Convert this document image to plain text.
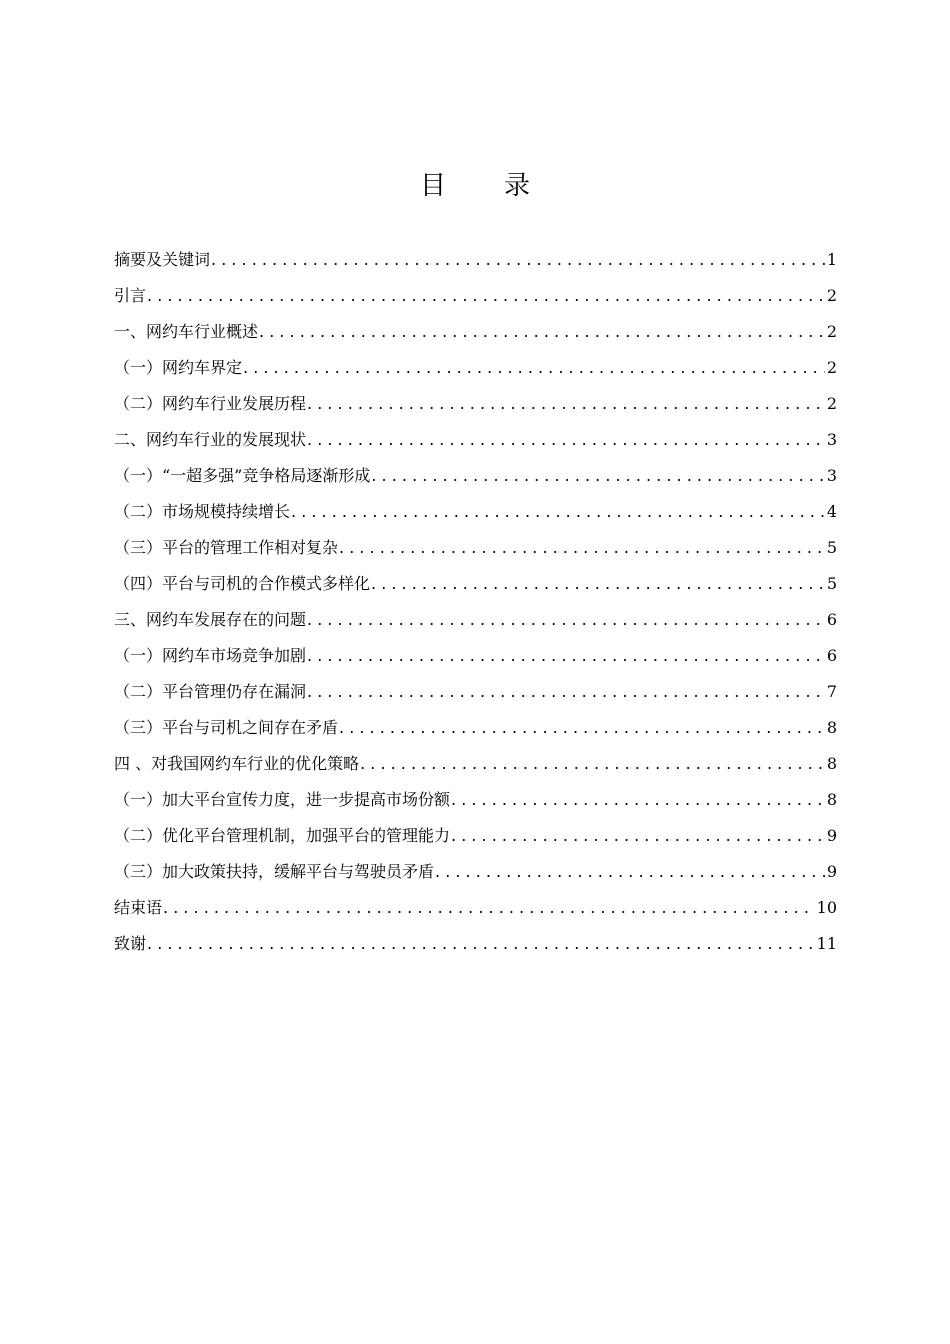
目 录
摘要及关键词 . . .	1
引言 . . .	2
一、网约车行业概述 . . .	2
（一）网约车界定 . . .	2
（二）网约车行业发展历程 . . .	2
二、网约车行业的发展现状 . . .	3
（一）“一超多强”竞争格局逐渐形成 . . .	3
（二）市场规模持续增长 . . .	4
（三）平台的管理工作相对复杂 . . .	5
（四）平台与司机的合作模式多样化 . . .	5
三、网约车发展存在的问题 . . .	6
（一）网约车市场竞争加剧 . . .	6
（二）平台管理仍存在漏洞 . . .	7
（三）平台与司机之间存在矛盾 . . .	8
四 、对我国网约车行业的优化策略 . . .	8
（一）加大平台宣传力度，进一步提高市场份额 . . .	8
（二）优化平台管理机制，加强平台的管理能力 . . .	9
（三）加大政策扶持，缓解平台与驾驶员矛盾 . . .	9
结束语 . . .	10
致谢 . . .	11
